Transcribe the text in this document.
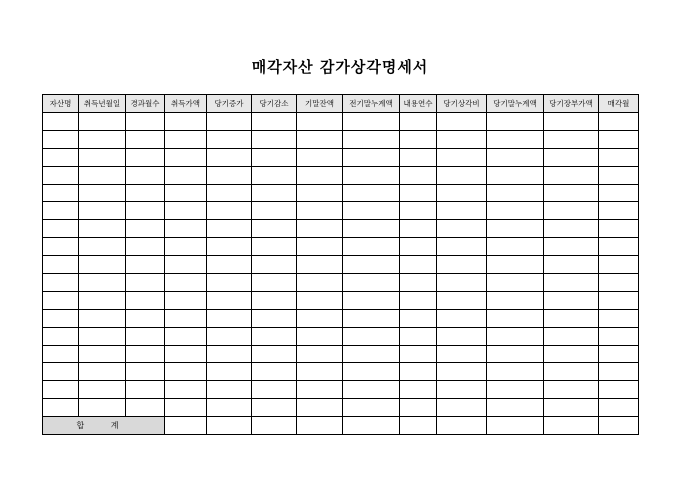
매각자산 감가상각명세서
자산명	취득년월일	경과월수	취득가액	당기증가	당기감소	기말잔액	전기말누계액	내용연수	당기상각비	당기말누계액	당기장부가액	매각월

합 계												
